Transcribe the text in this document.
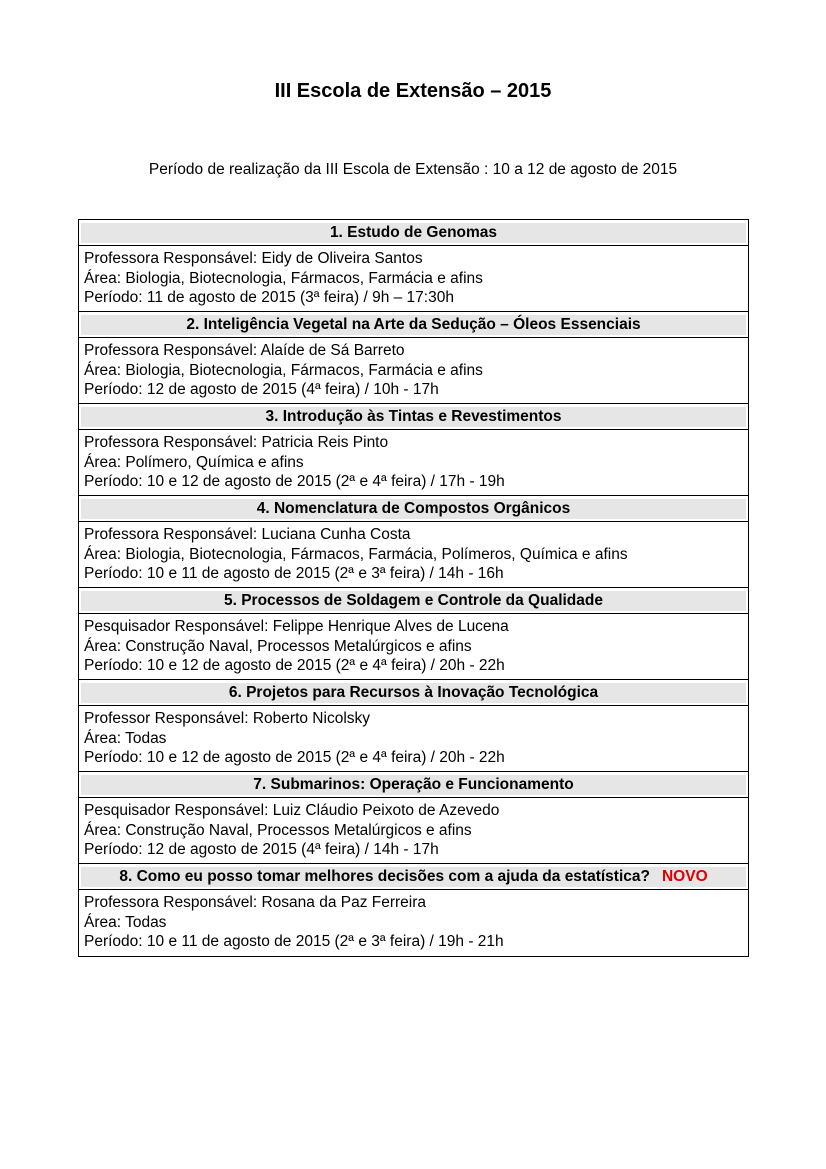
III Escola de Extensão – 2015
Período de realização da III Escola de Extensão : 10 a 12 de agosto de 2015
1. Estudo de Genomas
Professora Responsável: Eidy de Oliveira Santos
Área: Biologia, Biotecnologia, Fármacos, Farmácia e afins
Período: 11 de agosto de 2015 (3ª feira) / 9h – 17:30h
2. Inteligência Vegetal na Arte da Sedução – Óleos Essenciais
Professora Responsável: Alaíde de Sá Barreto
Área: Biologia, Biotecnologia, Fármacos, Farmácia e afins
Período: 12 de agosto de 2015 (4ª feira) / 10h - 17h
3. Introdução às Tintas e Revestimentos
Professora Responsável: Patricia Reis Pinto
Área: Polímero, Química e afins
Período: 10 e 12 de agosto de 2015 (2ª e 4ª feira) / 17h - 19h
4. Nomenclatura de Compostos Orgânicos
Professora Responsável: Luciana Cunha Costa
Área: Biologia, Biotecnologia, Fármacos, Farmácia, Polímeros, Química e afins
Período: 10 e 11 de agosto de 2015 (2ª e 3ª feira) / 14h - 16h
5. Processos de Soldagem e Controle da Qualidade
Pesquisador Responsável: Felippe Henrique Alves de Lucena
Área: Construção Naval, Processos Metalúrgicos e afins
Período: 10 e 12 de agosto de 2015 (2ª e 4ª feira) / 20h - 22h
6. Projetos para Recursos à Inovação Tecnológica
Professor Responsável: Roberto Nicolsky
Área: Todas
Período: 10 e 12 de agosto de 2015 (2ª e 4ª feira) / 20h - 22h
7. Submarinos: Operação e Funcionamento
Pesquisador Responsável: Luiz Cláudio Peixoto de Azevedo
Área: Construção Naval, Processos Metalúrgicos e afins
Período: 12 de agosto de 2015 (4ª feira) / 14h - 17h
8. Como eu posso tomar melhores decisões com a ajuda da estatística? NOVO
Professora Responsável: Rosana da Paz Ferreira
Área: Todas
Período: 10 e 11 de agosto de 2015 (2ª e 3ª feira) / 19h - 21h
